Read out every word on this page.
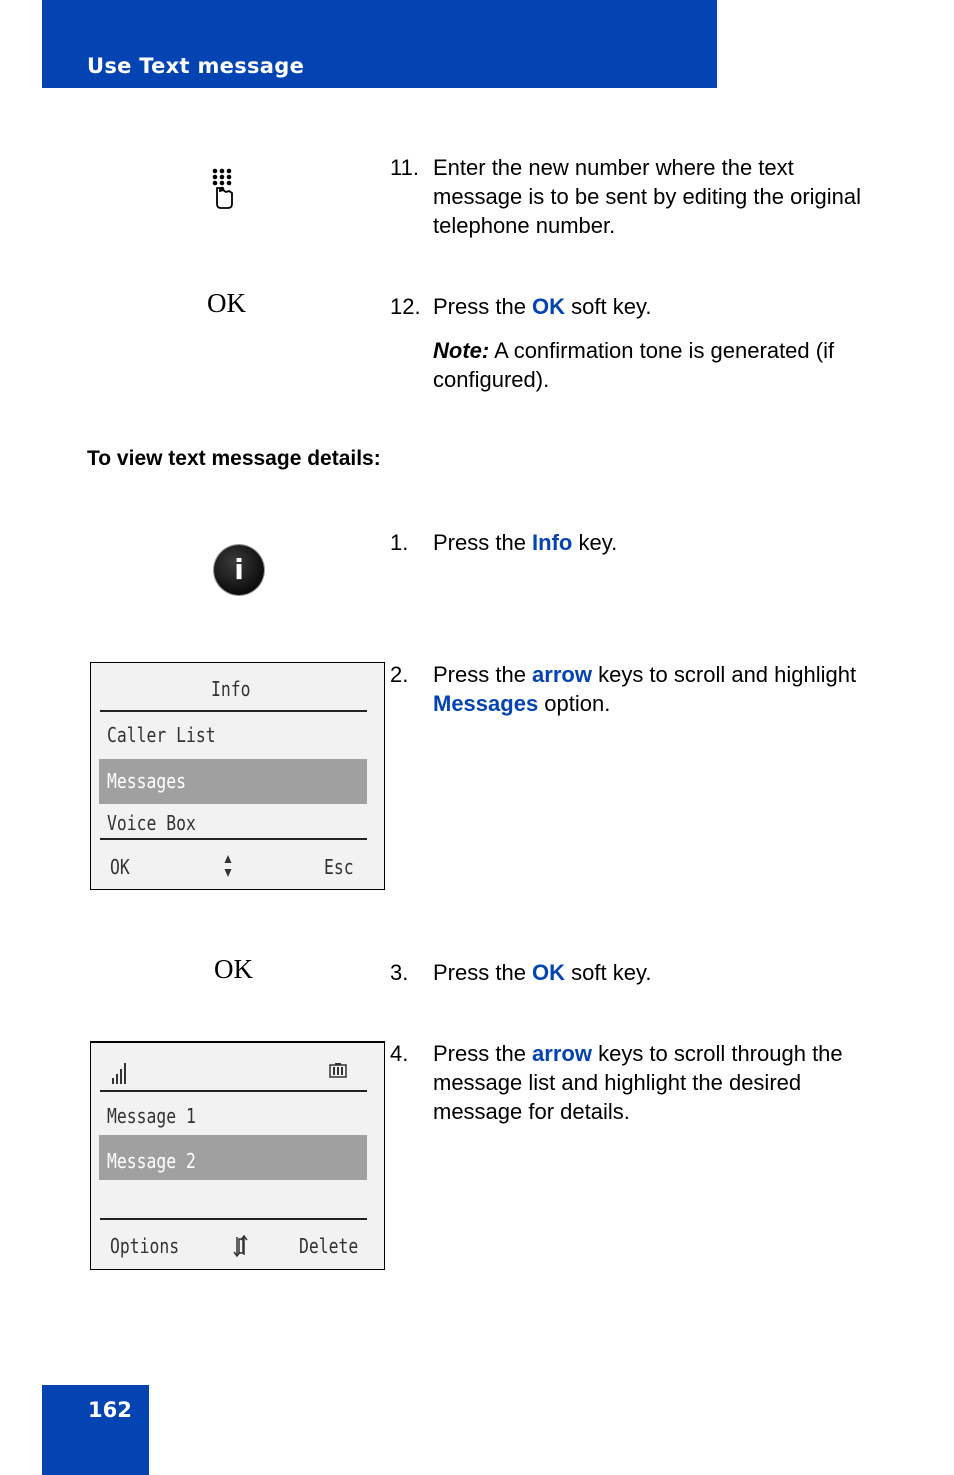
Use Text message
11. Enter the new number where the text message is to be sent by editing the original telephone number.
OK	12. Press the OK soft key.
Note: A confirmation tone is generated (if configured).
To view text message details:
i
1. Press the Info key.
Info
Caller List
Messages
Voice Box
OK	Esc
2. Press the arrow keys to scroll and highlight Messages option.
OK	3. Press the OK soft key.
Message 1
Message 2
Options	Delete
4. Press the arrow keys to scroll through the message list and highlight the desired message for details.
162
